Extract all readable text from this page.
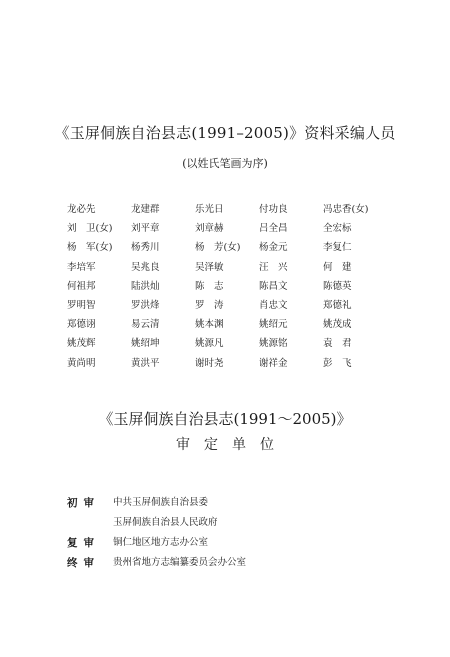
《玉屏侗族自治县志(1991–2005)》资料采编人员
(以姓氏笔画为序)
龙必先	龙建群	乐光日	付功良	冯忠香(女)
刘　卫(女)	刘平章	刘章赫	吕全昌	全宏标
杨　军(女)	杨秀川	杨　芳(女)	杨金元	李复仁
李培军	吴兆良	吴泽敏	汪　兴	何　建
何祖邦	陆洪灿	陈　志	陈昌文	陈德英
罗明智	罗洪烽	罗　涛	肖忠文	郑德礼
郑德诩	易云清	姚本渊	姚绍元	姚茂成
姚茂辉	姚绍坤	姚源凡	姚源铭	袁　君
黄尚明	黄洪平	谢时尧	谢祥金	彭　飞
《玉屏侗族自治县志(1991～2005)》
审定单位
初审	中共玉屏侗族自治县委
玉屏侗族自治县人民政府
复审	铜仁地区地方志办公室
终审	贵州省地方志编纂委员会办公室
